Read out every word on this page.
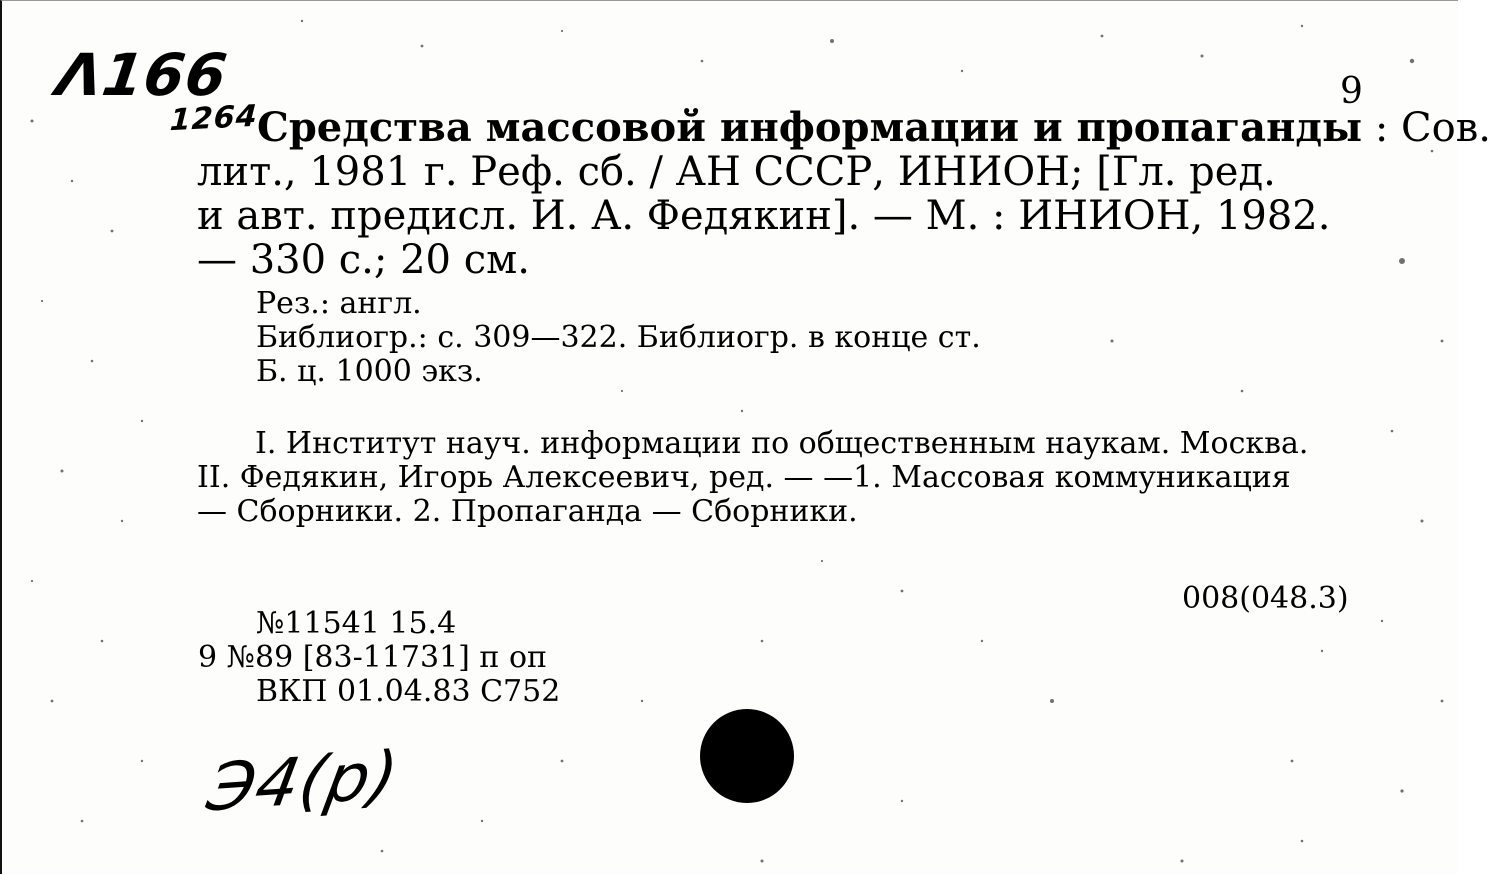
Λ166
1264
9
Средства массовой информации и пропаганды : Сов.
лит., 1981 г. Реф. сб. / АН СССР, ИНИОН; [Гл. ред.
и авт. предисл. И. А. Федякин]. — М. : ИНИОН, 1982.
— 330 с.; 20 см.
Рез.: англ.
Библиогр.: с. 309—322. Библиогр. в конце ст.
Б. ц. 1000 экз.
I. Институт науч. информации по общественным наукам. Москва.
II. Федякин, Игорь Алексеевич, ред. — —1. Массовая коммуникация
— Сборники. 2. Пропаганда — Сборники.
008(048.3)
№11541 15.4
9 №89 [83-11731] п оп
ВКП 01.04.83 С752
Э4(р)
